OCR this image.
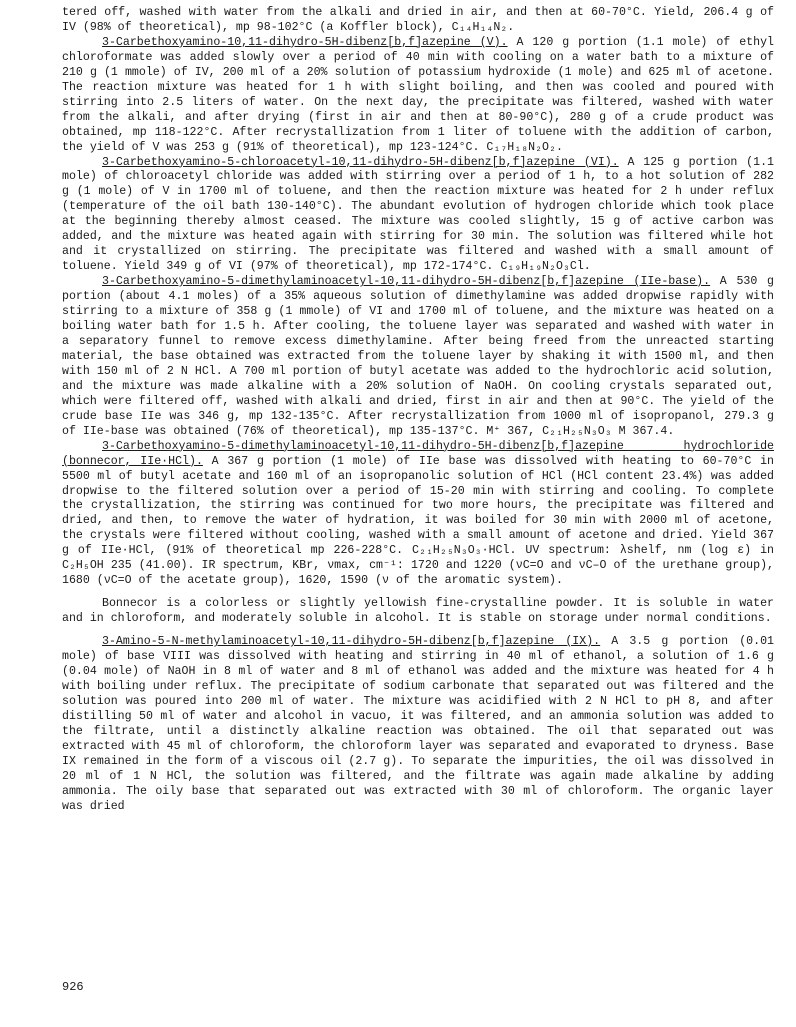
tered off, washed with water from the alkali and dried in air, and then at 60-70°C. Yield, 206.4 g of IV (98% of theoretical), mp 98-102°C (a Koffler block), C₁₄H₁₄N₂.

3-Carbethoxyamino-10,11-dihydro-5H-dibenz[b,f]azepine (V). A 120 g portion (1.1 mole) of ethyl chloroformate was added slowly over a period of 40 min with cooling on a water bath to a mixture of 210 g (1 mmole) of IV, 200 ml of a 20% solution of potassium hydroxide (1 mole) and 625 ml of acetone. The reaction mixture was heated for 1 h with slight boiling, and then was cooled and poured with stirring into 2.5 liters of water. On the next day, the precipitate was filtered, washed with water from the alkali, and after drying (first in air and then at 80-90°C), 280 g of a crude product was obtained, mp 118-122°C. After recrystallization from 1 liter of toluene with the addition of carbon, the yield of V was 253 g (91% of theoretical), mp 123-124°C. C₁₇H₁₈N₂O₂.

3-Carbethoxyamino-5-chloroacetyl-10,11-dihydro-5H-dibenz[b,f]azepine (VI). A 125 g portion (1.1 mole) of chloroacetyl chloride was added with stirring over a period of 1 h, to a hot solution of 282 g (1 mole) of V in 1700 ml of toluene, and then the reaction mixture was heated for 2 h under reflux (temperature of the oil bath 130-140°C). The abundant evolution of hydrogen chloride which took place at the beginning thereby almost ceased. The mixture was cooled slightly, 15 g of active carbon was added, and the mixture was heated again with stirring for 30 min. The solution was filtered while hot and it crystallized on stirring. The precipitate was filtered and washed with a small amount of toluene. Yield 349 g of VI (97% of theoretical), mp 172-174°C. C₁₉H₁₉N₂O₃Cl.

3-Carbethoxyamino-5-dimethylaminoacetyl-10,11-dihydro-5H-dibenz[b,f]azepine (IIe-base). A 530 g portion (about 4.1 moles) of a 35% aqueous solution of dimethylamine was added dropwise rapidly with stirring to a mixture of 358 g (1 mmole) of VI and 1700 ml of toluene, and the mixture was heated on a boiling water bath for 1.5 h. After cooling, the toluene layer was separated and washed with water in a separatory funnel to remove excess dimethylamine. After being freed from the unreacted starting material, the base obtained was extracted from the toluene layer by shaking it with 1500 ml, and then with 150 ml of 2 N HCl. A 700 ml portion of butyl acetate was added to the hydrochloric acid solution, and the mixture was made alkaline with a 20% solution of NaOH. On cooling crystals separated out, which were filtered off, washed with alkali and dried, first in air and then at 90°C. The yield of the crude base IIe was 346 g, mp 132-135°C. After recrystallization from 1000 ml of isopropanol, 279.3 g of IIe-base was obtained (76% of theoretical), mp 135-137°C. M⁺ 367, C₂₁H₂₅N₃O₃ M 367.4.

3-Carbethoxyamino-5-dimethylaminoacetyl-10,11-dihydro-5H-dibenz[b,f]azepine hydrochloride (bonnecor, IIe·HCl). A 367 g portion (1 mole) of IIe base was dissolved with heating to 60-70°C in 5500 ml of butyl acetate and 160 ml of an isopropanolic solution of HCl (HCl content 23.4%) was added dropwise to the filtered solution over a period of 15-20 min with stirring and cooling. To complete the crystallization, the stirring was continued for two more hours, the precipitate was filtered and dried, and then, to remove the water of hydration, it was boiled for 30 min with 2000 ml of acetone, the crystals were filtered without cooling, washed with a small amount of acetone and dried. Yield 367 g of IIe·HCl, (91% of theoretical mp 226-228°C. C₂₁H₂₅N₃O₃·HCl. UV spectrum: λshelf, nm (log ε) in C₂H₅OH 235 (41.00). IR spectrum, KBr, νmax, cm⁻¹: 1720 and 1220 (νC=O and νC–O of the urethane group), 1680 (νC=O of the acetate group), 1620, 1590 (ν of the aromatic system).

Bonnecor is a colorless or slightly yellowish fine-crystalline powder. It is soluble in water and in chloroform, and moderately soluble in alcohol. It is stable on storage under normal conditions.

3-Amino-5-N-methylaminoacetyl-10,11-dihydro-5H-dibenz[b,f]azepine (IX). A 3.5 g portion (0.01 mole) of base VIII was dissolved with heating and stirring in 40 ml of ethanol, a solution of 1.6 g (0.04 mole) of NaOH in 8 ml of water and 8 ml of ethanol was added and the mixture was heated for 4 h with boiling under reflux. The precipitate of sodium carbonate that separated out was filtered and the solution was poured into 200 ml of water. The mixture was acidified with 2 N HCl to pH 8, and after distilling 50 ml of water and alcohol in vacuo, it was filtered, and an ammonia solution was added to the filtrate, until a distinctly alkaline reaction was obtained. The oil that separated out was extracted with 45 ml of chloroform, the chloroform layer was separated and evaporated to dryness. Base IX remained in the form of a viscous oil (2.7 g). To separate the impurities, the oil was dissolved in 20 ml of 1 N HCl, the solution was filtered, and the filtrate was again made alkaline by adding ammonia. The oily base that separated out was extracted with 30 ml of chloroform. The organic layer was dried

926
